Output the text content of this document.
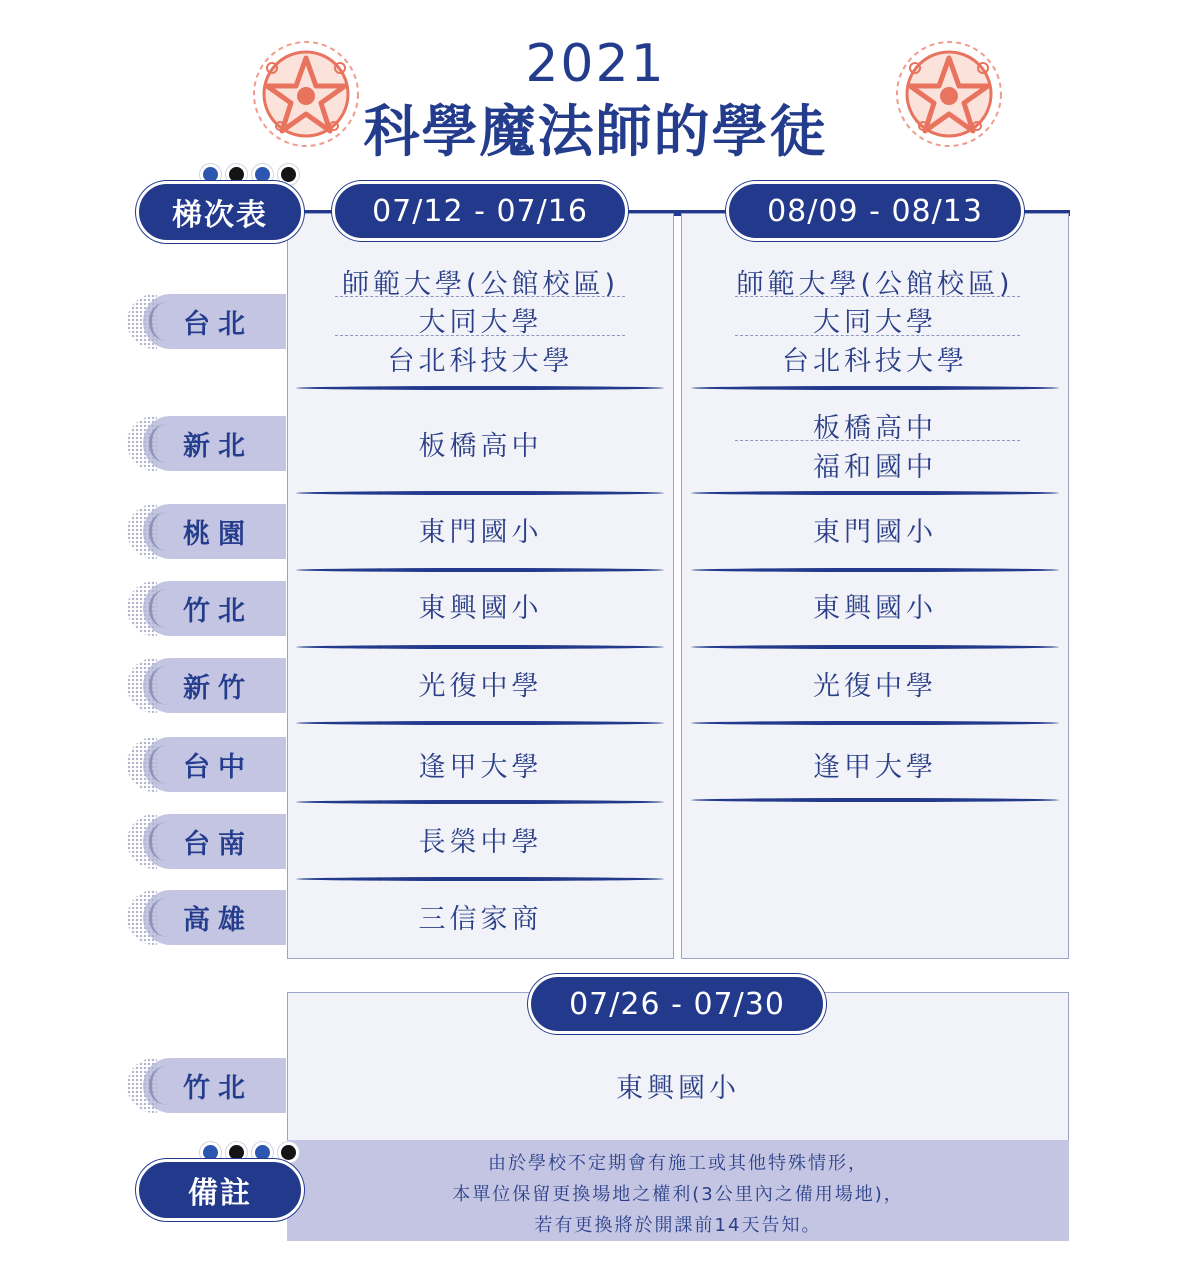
2021
科學魔法師的學徒
梯次表	07/12 - 07/16	08/09 - 08/13
07/26 - 07/30
台北
新北
桃園
竹北
新竹
台中
台南
高雄
竹北
師範大學(公館校區)
大同大學
台北科技大學
板橋高中
東門國小
東興國小
光復中學
逢甲大學
長榮中學
三信家商
師範大學(公館校區)
大同大學
台北科技大學
板橋高中
福和國中
東門國小
東興國小
光復中學
逢甲大學
東興國小
由於學校不定期會有施工或其他特殊情形，
本單位保留更換場地之權利(3公里內之備用場地)，
若有更換將於開課前14天告知。
備註
